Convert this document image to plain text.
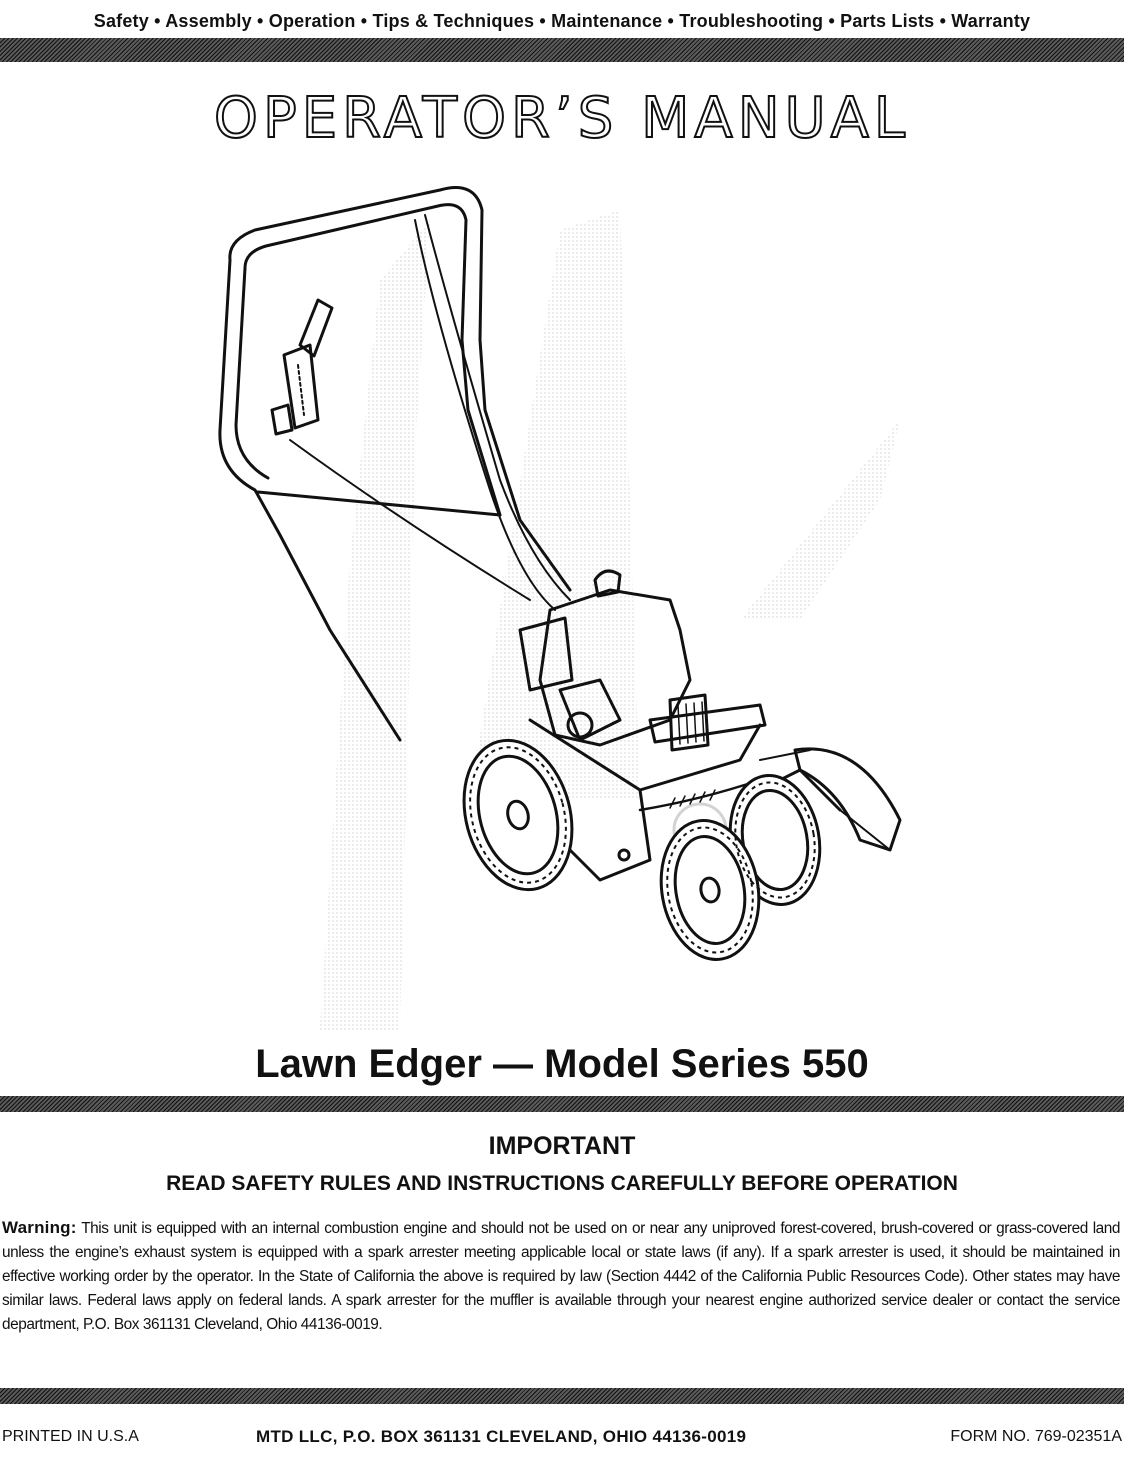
Safety • Assembly • Operation • Tips & Techniques • Maintenance • Troubleshooting • Parts Lists • Warranty
OPERATOR’S MANUAL
Lawn Edger — Model Series 550
IMPORTANT
READ SAFETY RULES AND INSTRUCTIONS CAREFULLY BEFORE OPERATION
Warning: This unit is equipped with an internal combustion engine and should not be used on or near any uniproved forest-covered, brush-covered or grass-covered land unless the engine’s exhaust system is equipped with a spark arrester meeting applicable local or state laws (if any). If a spark arrester is used, it should be maintained in effective working order by the operator. In the State of California the above is required by law (Section 4442 of the California Public Resources Code). Other states may have similar laws. Federal laws apply on federal lands. A spark arrester for the muffler is available through your nearest engine authorized service dealer or contact the service department, P.O. Box 361131 Cleveland, Ohio 44136-0019.
PRINTED IN U.S.A	MTD LLC, P.O. BOX 361131 CLEVELAND, OHIO 44136-0019	FORM NO. 769-02351A
